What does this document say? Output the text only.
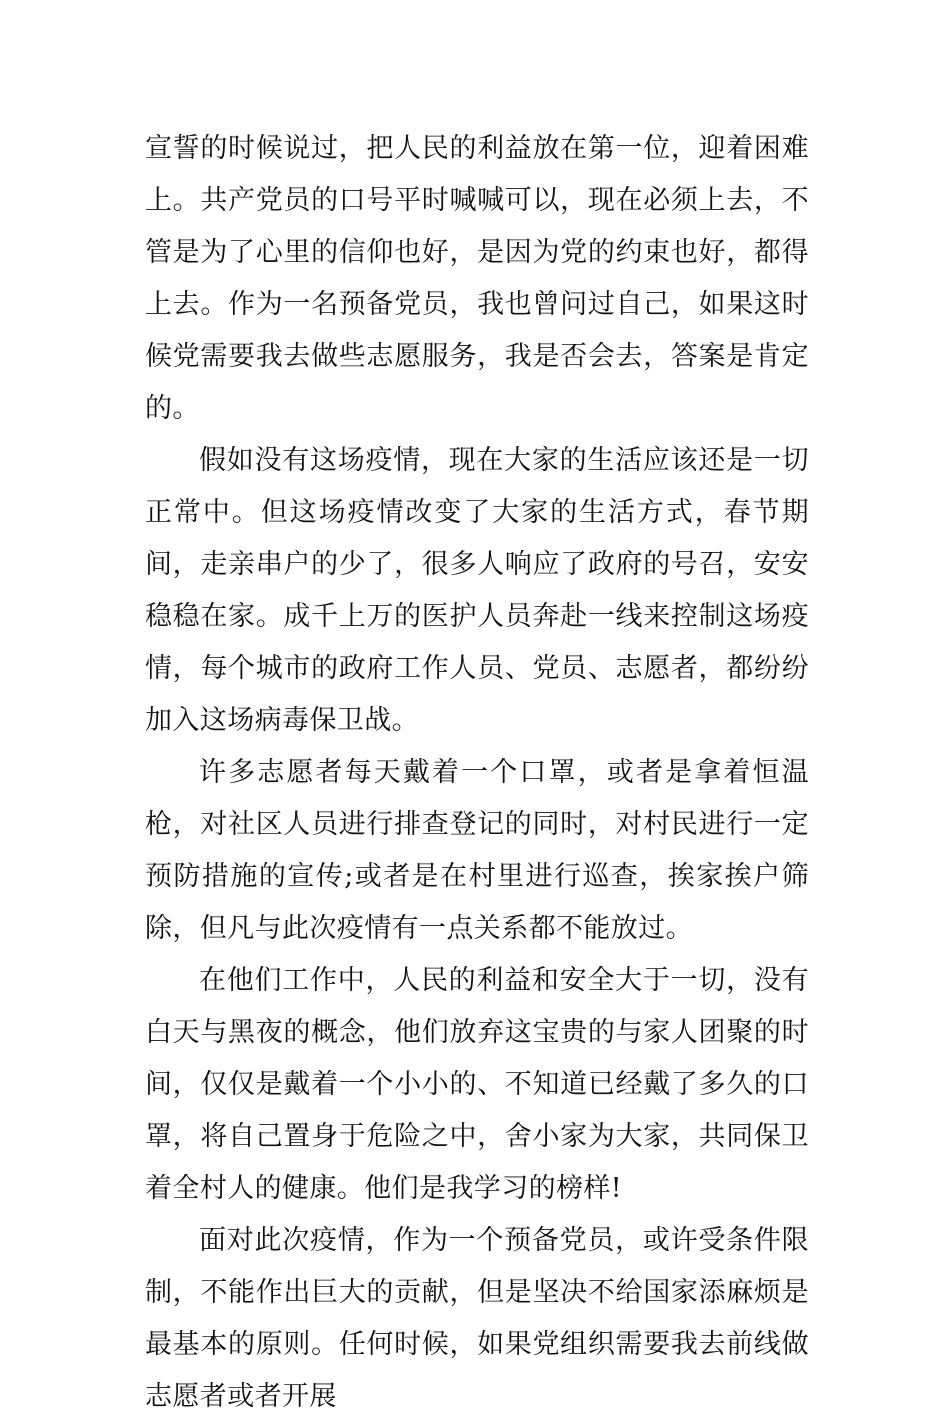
宣誓的时候说过，把人民的利益放在第一位，迎着困难上。共产党员的口号平时喊喊可以，现在必须上去，不管是为了心里的信仰也好，是因为党的约束也好，都得上去。作为一名预备党员，我也曾问过自己，如果这时候党需要我去做些志愿服务，我是否会去，答案是肯定的。

假如没有这场疫情，现在大家的生活应该还是一切正常中。但这场疫情改变了大家的生活方式，春节期间，走亲串户的少了，很多人响应了政府的号召，安安稳稳在家。成千上万的医护人员奔赴一线来控制这场疫情，每个城市的政府工作人员、党员、志愿者，都纷纷加入这场病毒保卫战。

许多志愿者每天戴着一个口罩，或者是拿着恒温枪，对社区人员进行排查登记的同时，对村民进行一定预防措施的宣传;或者是在村里进行巡查，挨家挨户筛除，但凡与此次疫情有一点关系都不能放过。

在他们工作中，人民的利益和安全大于一切，没有白天与黑夜的概念，他们放弃这宝贵的与家人团聚的时间，仅仅是戴着一个小小的、不知道已经戴了多久的口罩，将自己置身于危险之中，舍小家为大家，共同保卫着全村人的健康。他们是我学习的榜样!

面对此次疫情，作为一个预备党员，或许受条件限制，不能作出巨大的贡献，但是坚决不给国家添麻烦是最基本的原则。任何时候，如果党组织需要我去前线做志愿者或者开展
